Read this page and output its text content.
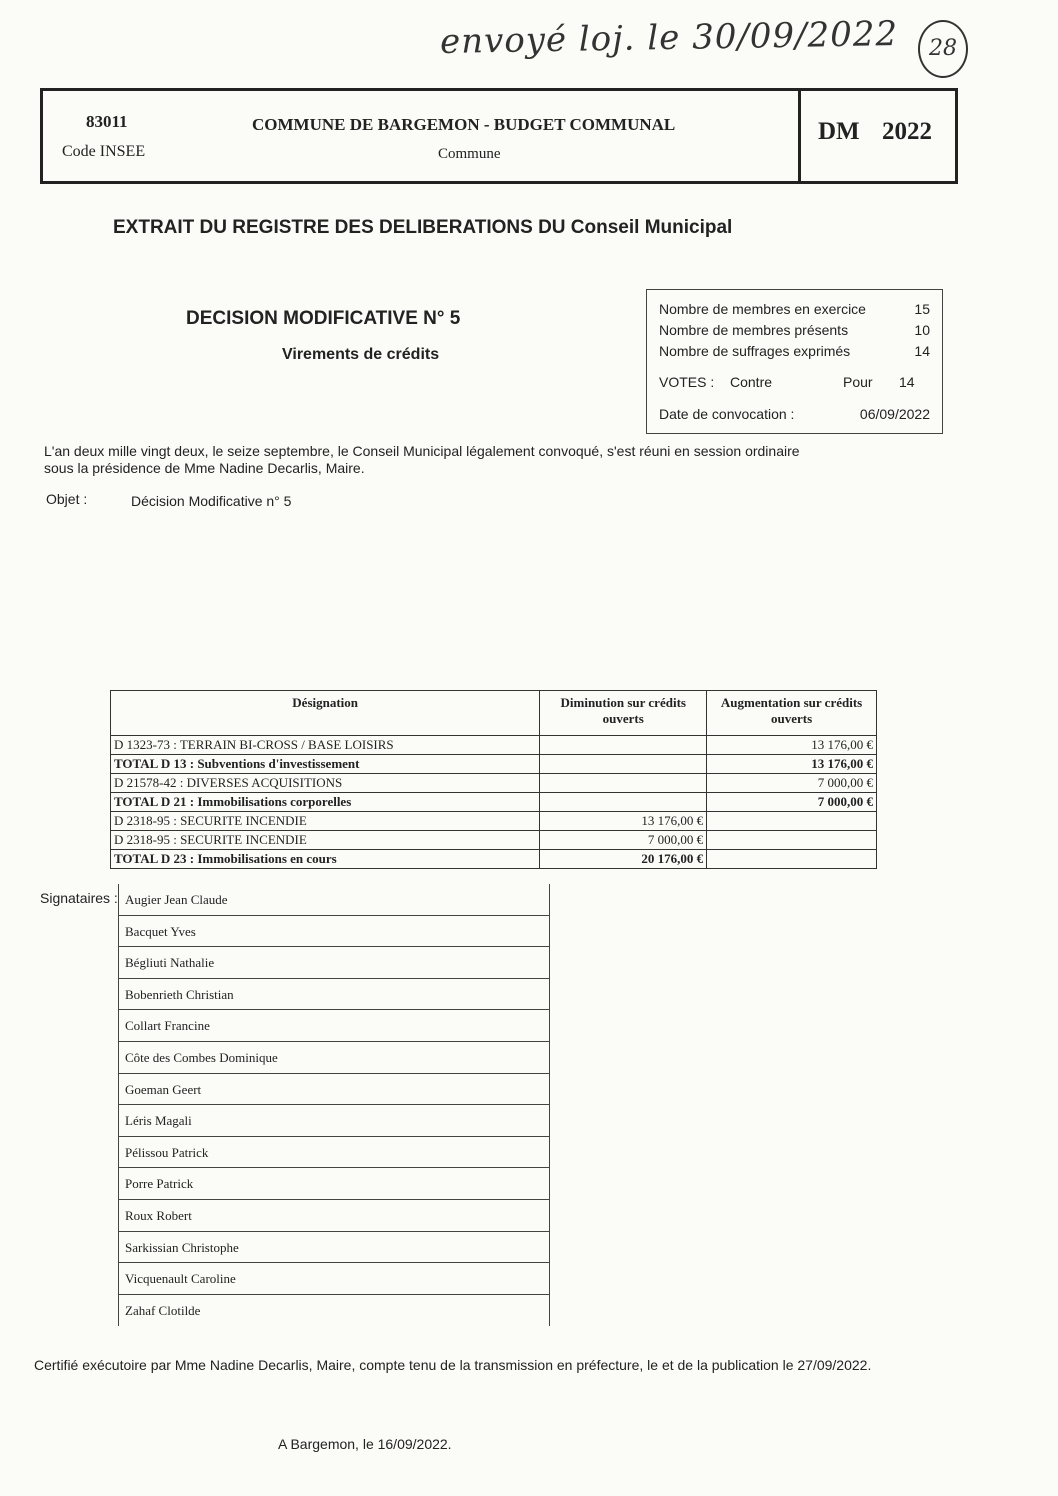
envoyé loj. le 30/09/2022	28
83011
Code INSEE
COMMUNE DE BARGEMON - BUDGET COMMUNAL
Commune
DM 2022
EXTRAIT DU REGISTRE DES DELIBERATIONS DU Conseil Municipal
DECISION MODIFICATIVE N° 5
Virements de crédits
Nombre de membres en exercice	15
Nombre de membres présents	10
Nombre de suffrages exprimés	14
VOTES : Contre	Pour 14
Date de convocation :	06/09/2022
L'an deux mille vingt deux, le seize septembre, le Conseil Municipal légalement convoqué, s'est réuni en session ordinaire sous la présidence de Mme Nadine Decarlis, Maire.
Objet :	Décision Modificative n° 5
Désignation	Diminution sur crédits ouverts	Augmentation sur crédits ouverts
D 1323-73 : TERRAIN BI-CROSS / BASE LOISIRS		13 176,00 €
TOTAL D 13 : Subventions d'investissement		13 176,00 €
D 21578-42 : DIVERSES ACQUISITIONS		7 000,00 €
TOTAL D 21 : Immobilisations corporelles		7 000,00 €
D 2318-95 : SECURITE INCENDIE	13 176,00 €	
D 2318-95 : SECURITE INCENDIE	7 000,00 €	
TOTAL D 23 : Immobilisations en cours	20 176,00 €	
Signataires : Augier Jean Claude
Bacquet Yves
Bégliuti Nathalie
Bobenrieth Christian
Collart Francine
Côte des Combes Dominique
Goeman Geert
Léris Magali
Pélissou Patrick
Porre Patrick
Roux Robert
Sarkissian Christophe
Vicquenault Caroline
Zahaf Clotilde
Certifié exécutoire par Mme Nadine Decarlis, Maire, compte tenu de la transmission en préfecture, le et de la publication le 27/09/2022.
A Bargemon, le 16/09/2022.
